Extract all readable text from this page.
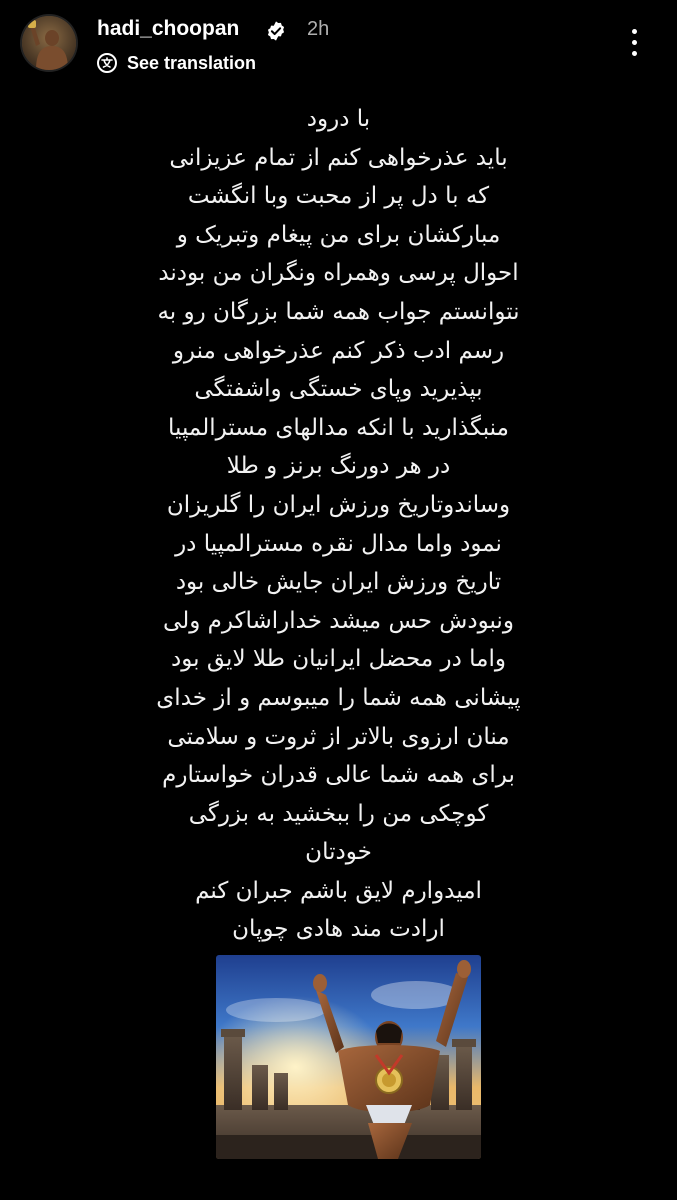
hadi_choopan	2h
See translation
با درود
باید عذرخواهی کنم از تمام عزیزانی
که با دل پر از محبت وبا انگشت
مبارکشان برای من پیغام وتبریک و
احوال پرسی وهمراه ونگران من بودند
نتوانستم جواب همه شما بزرگان رو به
رسم ادب ذکر کنم عذرخواهی منرو
بپذیرید وپای خستگی واشفتگی
منبگذارید با انکه مدالهای مسترالمپیا
در هر دورنگ برنز و طلا
وساندوتاریخ ورزش ایران را گلریزان
نمود واما مدال نقره مسترالمپیا در
تاریخ ورزش ایران جایش خالی بود
ونبودش حس میشد خداراشاکرم ولی
واما در محضل ایرانیان طلا لایق بود
پیشانی همه شما را میبوسم و از خدای
منان ارزوی بالاتر از ثروت و سلامتی
برای همه شما عالی قدران خواستارم
کوچکی من را ببخشید به بزرگی
خودتان
امیدوارم لایق باشم جبران کنم
ارادت مند هادی چوپان
